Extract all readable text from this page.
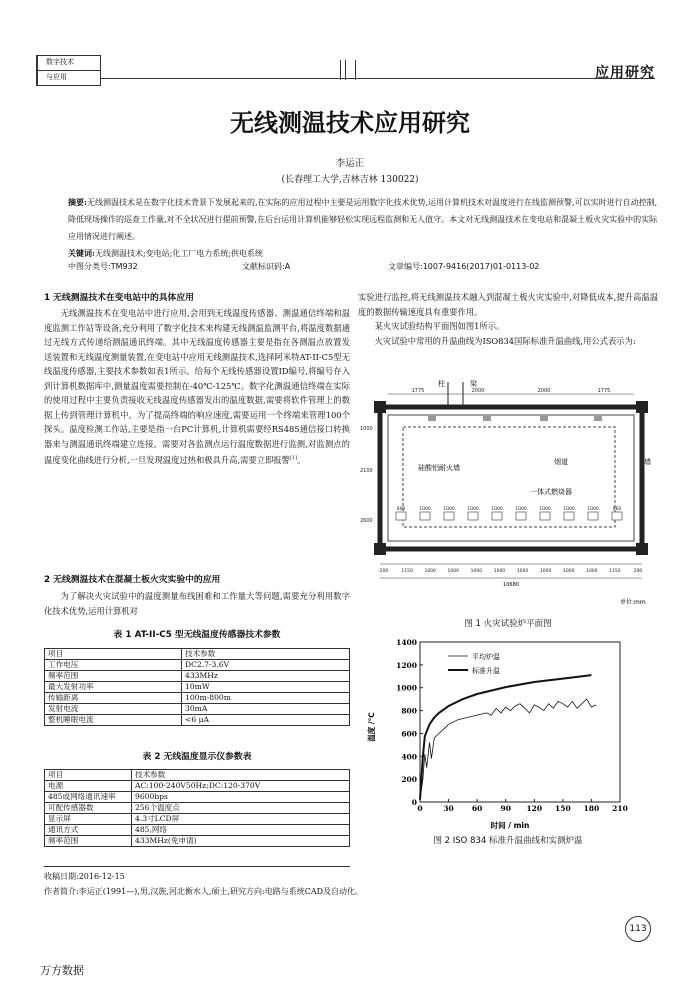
数字技术
与应用	应用研究
无线测温技术应用研究
李运正
(长春理工大学,吉林吉林 130022)
摘要:无线测温技术是在数字化技术背景下发展起来的,在实际的应用过程中主要是运用数字化技术优势,运用计算机技术对温度进行在线监测预警,可以实时进行自动控制,降低现场操作的巡查工作量,对不全状况进行提前预警,在后台运用计算机能够轻松实现远程监测和无人值守。本文对无线测温技术在变电站和混凝土板火灾实验中的实际应用情况进行阐述。
关键词:无线测温技术;变电站;化工厂电力系统;供电系统
中图分类号:TM932	文献标识码:A	文章编号:1007-9416(2017)01-0113-02
1 无线测温技术在变电站中的具体应用

无线测温技术在变电站中进行应用,会用到无线温度传感器、测温通信终端和温度监测工作站等设备,充分利用了数字化技术来构建无线测温监测平台,将温度数据通过无线方式传递给测温通讯终端。其中无线温度传感器主要是指在各测温点放置发送装置和无线温度测量装置,在变电站中应用无线测温技术,选择阿米特AT-II-C5型无线温度传感器,主要技术参数如表1所示。给每个无线传感器设置ID编号,将编号存入到计算机数据库中,测量温度需要控制在-40℃-125℃。数字化测温通信终端在实际的使用过程中主要负责接收无线温度传感器发出的温度数据,需要将软件管理上的数据上传到管理计算机中。为了提高终端的响应速度,需要运用一个终端来管理100个探头。温度检测工作站,主要是指一台PC计算机,计算机需要经RS485通信接口转换器来与测温通讯终端建立连接。需要对各监测点运行温度数据进行监测,对监测点的温度变化曲线进行分析,一旦发现温度过热和极具升高,需要立即报警[1]。

2 无线测温技术在混凝土板火灾实验中的应用

为了解决火灾试验中的温度测量布线困难和工作量大等问题,需要充分利用数字化技术优势,运用计算机对

表 1 AT-II-C5 型无线温度传感器技术参数
项目	技术参数
工作电压	DC2.7-3.6V
频率范围	433MHz
最大发射功率	10mW
传输距离	100m-800m
发射电流	30mA
整机睡眠电流	<6 μA
表 2 无线温度显示仪参数表
项目	技术参数
电源	AC:100-240V50Hz;DC:120-370V
485或网络通讯速率	9600bps
可配传感器数	256个温度点
显示屏	4.3寸LCD屏
通讯方式	485,网络
频率范围	433MHz(免申请)

实验进行监控,将无线测温技术融入到混凝土板火灾实验中,对降低成本,提升高温温度的数据传输速度具有重要作用。

某火灾试验结构平面图如图1所示。

火灾试验中常用的升温曲线为ISO834国际标准升温曲线,用公式表示为:

1775	2000	2000	1775
600	1000	1000	1000	1000	1000	1000	1000	1000	660
柱	梁
硅酸铝耐火墙
烟道	墙
一体式燃烧器
1000
2100
2600
200	1150	1000	1000	1000	1000	1000	1000	1000	1000	1150	200
10680
单位:mm
图 1 火灾试验炉平面图
0	30 60 90 120 150 180 210
0
200
400
600
800
1000
1200
1400
平均炉温
标准升温
时间 / min
温度 /℃
图 2 ISO 834 标准升温曲线和实测炉温
收稿日期:2016-12-15
作者简介:李运正(1991—),男,汉族,河北衡水人,硕士,研究方向:电路与系统CAD及自动化。
113
万方数据
